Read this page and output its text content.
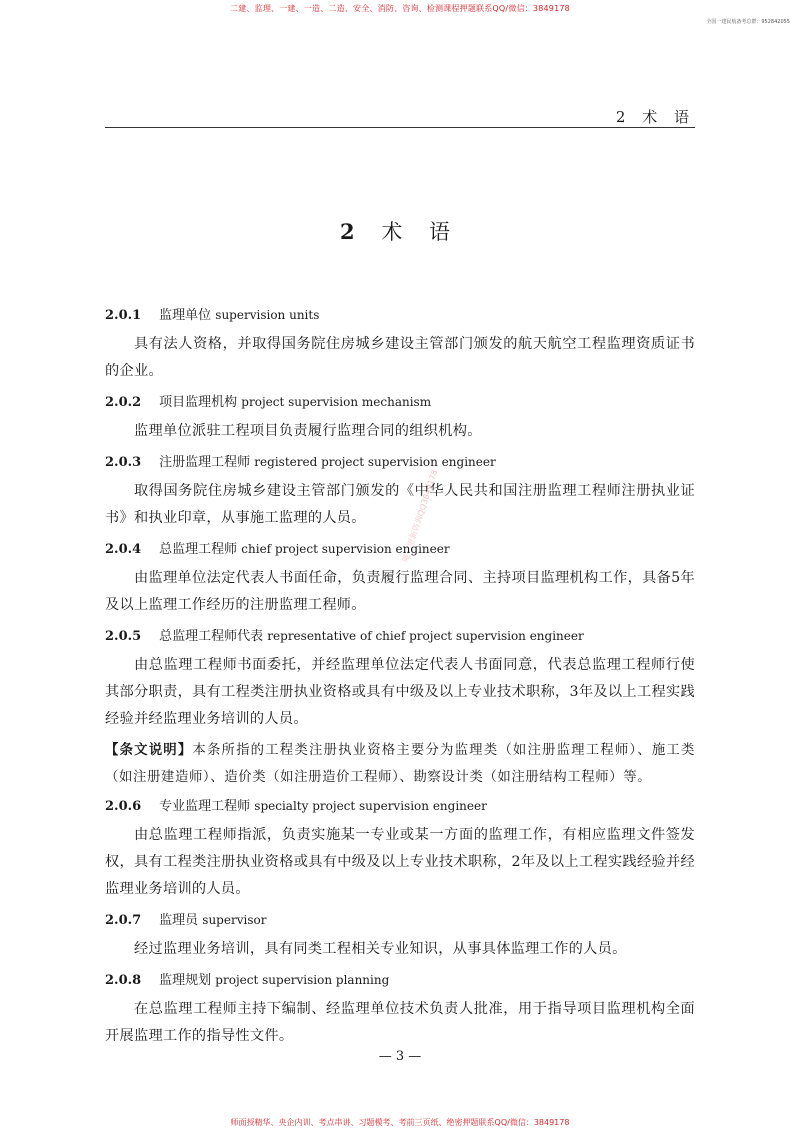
二建、监理、一建、一造、二造、安全、消防、咨询、检测课程押题联系QQ/微信：3849178
全国一建民航备考总群：952842055
2 术 语
2 术 语
唯一更新咨询QQ3849178
2.0.1 监理单位 supervision units

具有法人资格，并取得国务院住房城乡建设主管部门颁发的航天航空工程监理资质证书的企业。

2.0.2 项目监理机构 project supervision mechanism

监理单位派驻工程项目负责履行监理合同的组织机构。

2.0.3 注册监理工程师 registered project supervision engineer

取得国务院住房城乡建设主管部门颁发的《中华人民共和国注册监理工程师注册执业证书》和执业印章，从事施工监理的人员。

2.0.4 总监理工程师 chief project supervision engineer

由监理单位法定代表人书面任命，负责履行监理合同、主持项目监理机构工作，具备5年及以上监理工作经历的注册监理工程师。

2.0.5 总监理工程师代表 representative of chief project supervision engineer

由总监理工程师书面委托，并经监理单位法定代表人书面同意，代表总监理工程师行使其部分职责，具有工程类注册执业资格或具有中级及以上专业技术职称，3年及以上工程实践经验并经监理业务培训的人员。

【条文说明】本条所指的工程类注册执业资格主要分为监理类（如注册监理工程师）、施工类（如注册建造师）、造价类（如注册造价工程师）、勘察设计类（如注册结构工程师）等。

2.0.6 专业监理工程师 specialty project supervision engineer

由总监理工程师指派，负责实施某一专业或某一方面的监理工作，有相应监理文件签发权，具有工程类注册执业资格或具有中级及以上专业技术职称，2年及以上工程实践经验并经监理业务培训的人员。

2.0.7 监理员 supervisor

经过监理业务培训，具有同类工程相关专业知识，从事具体监理工作的人员。

2.0.8 监理规划 project supervision planning

在总监理工程师主持下编制、经监理单位技术负责人批准，用于指导项目监理机构全面开展监理工作的指导性文件。

— 3 —
师面授精华、央企内训、考点串讲、习题模考、考前三页纸、绝密押题联系QQ/微信：3849178
